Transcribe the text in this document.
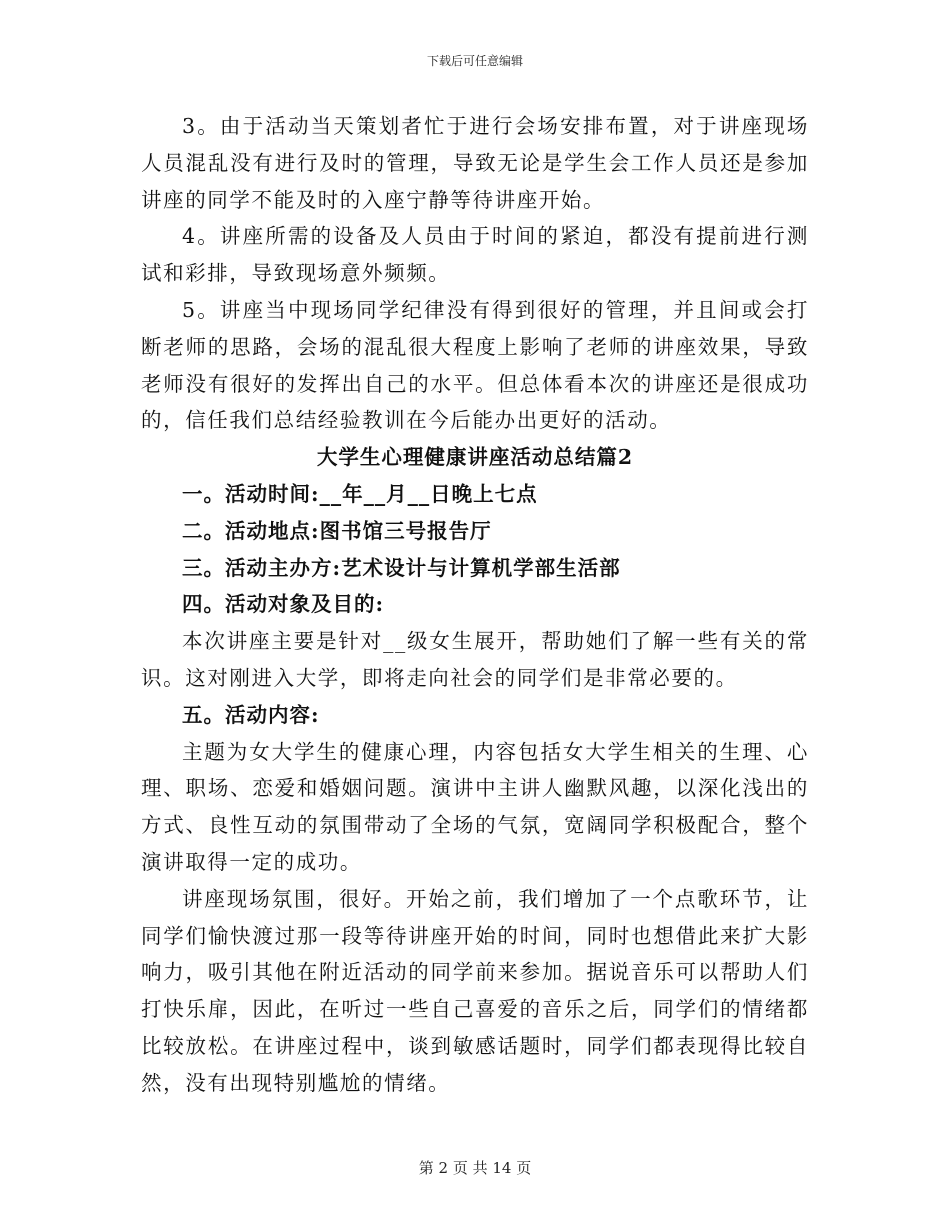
下载后可任意编辑

3。由于活动当天策划者忙于进行会场安排布置，对于讲座现场人员混乱没有进行及时的管理，导致无论是学生会工作人员还是参加讲座的同学不能及时的入座宁静等待讲座开始。

4。讲座所需的设备及人员由于时间的紧迫，都没有提前进行测试和彩排，导致现场意外频频。

5。讲座当中现场同学纪律没有得到很好的管理，并且间或会打断老师的思路，会场的混乱很大程度上影响了老师的讲座效果，导致老师没有很好的发挥出自己的水平。但总体看本次的讲座还是很成功的，信任我们总结经验教训在今后能办出更好的活动。

大学生心理健康讲座活动总结篇2

一。活动时间:__年__月__日晚上七点

二。活动地点:图书馆三号报告厅

三。活动主办方:艺术设计与计算机学部生活部

四。活动对象及目的:

本次讲座主要是针对__级女生展开，帮助她们了解一些有关的常识。这对刚进入大学，即将走向社会的同学们是非常必要的。

五。活动内容:

主题为女大学生的健康心理，内容包括女大学生相关的生理、心理、职场、恋爱和婚姻问题。演讲中主讲人幽默风趣，以深化浅出的方式、良性互动的氛围带动了全场的气氛，宽阔同学积极配合，整个演讲取得一定的成功。

讲座现场氛围，很好。开始之前，我们增加了一个点歌环节，让同学们愉快渡过那一段等待讲座开始的时间，同时也想借此来扩大影响力，吸引其他在附近活动的同学前来参加。据说音乐可以帮助人们打快乐扉，因此，在听过一些自己喜爱的音乐之后，同学们的情绪都比较放松。在讲座过程中，谈到敏感话题时，同学们都表现得比较自然，没有出现特别尴尬的情绪。

第 2 页 共 14 页
